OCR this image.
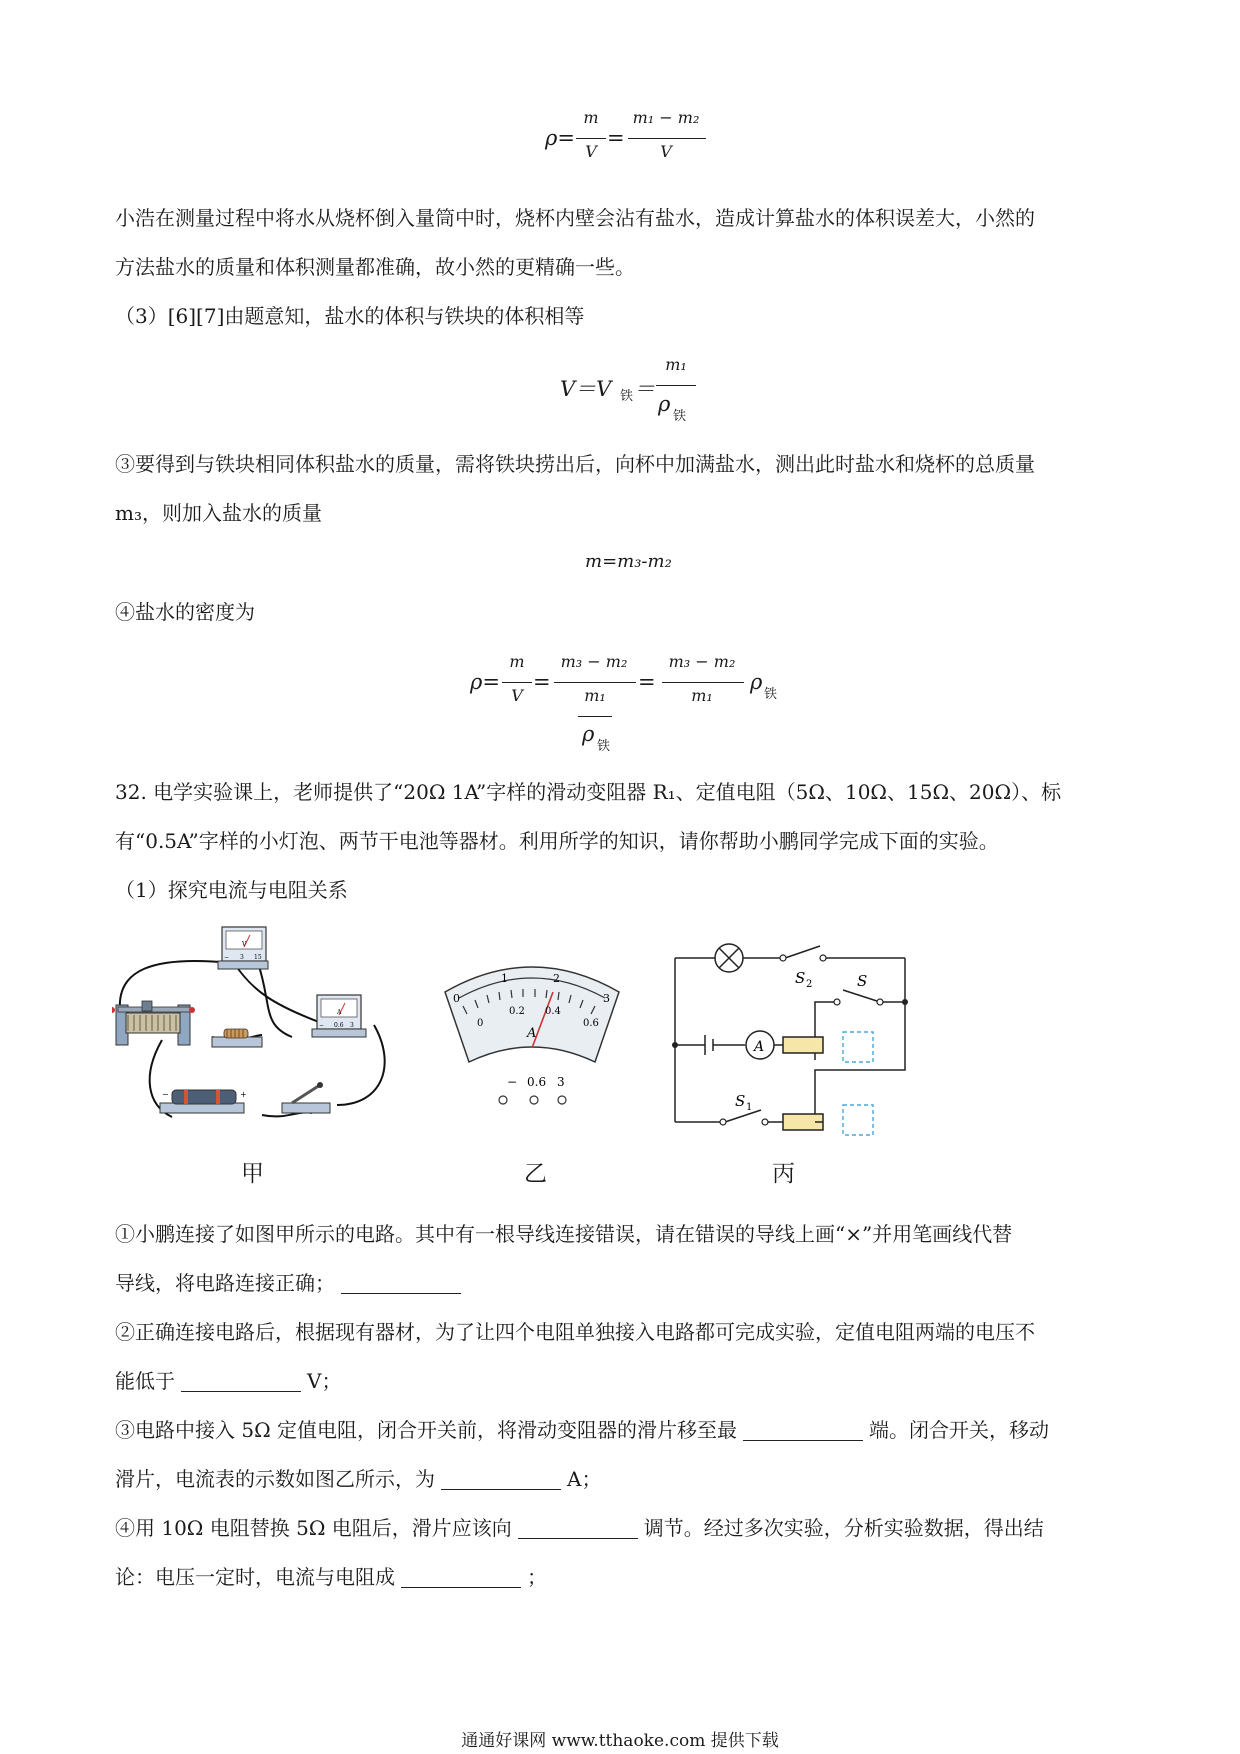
ρ=
m
V
=
m₁ − m₂
V

小浩在测量过程中将水从烧杯倒入量筒中时，烧杯内壁会沾有盐水，造成计算盐水的体积误差大，小然的
方法盐水的质量和体积测量都准确，故小然的更精确一些。

（3）[6][7]由题意知，盐水的体积与铁块的体积相等

V＝V 铁 ＝
m₁
ρ
铁

③要得到与铁块相同体积盐水的质量，需将铁块捞出后，向杯中加满盐水，测出此时盐水和烧杯的总质量
m₃，则加入盐水的质量

m=m₃-m₂

④盐水的密度为

ρ=
m
V
=
m₃ − m₂
m₁
ρ
铁
=
m₃ − m₂
m₁
ρ
铁

32. 电学实验课上，老师提供了“20Ω 1A”字样的滑动变阻器 R₁、定值电阻（5Ω、10Ω、15Ω、20Ω）、标
有“0.5A”字样的小灯泡、两节干电池等器材。利用所学的知识，请你帮助小鹏同学完成下面的实验。

（1）探究电流与电阻关系

V
− 3 15
A
− 0.6 3
−	+
甲
0
1	2
3
0
0.2 0.4
0.6
A
− 0.6 3
乙
S 2	S
S 1
A
丙

①小鹏连接了如图甲所示的电路。其中有一根导线连接错误，请在错误的导线上画“×”并用笔画线代替
导线，将电路连接正确；

②正确连接电路后，根据现有器材，为了让四个电阻单独接入电路都可完成实验，定值电阻两端的电压不
能低于	V；

③电路中接入 5Ω 定值电阻，闭合开关前，将滑动变阻器的滑片移至最	端。闭合开关，移动
滑片，电流表的示数如图乙所示，为	A；

④用 10Ω 电阻替换 5Ω 电阻后，滑片应该向	调节。经过多次实验，分析实验数据，得出结
论：电压一定时，电流与电阻成	；

通通好课网 www.tthaoke.com 提供下载
